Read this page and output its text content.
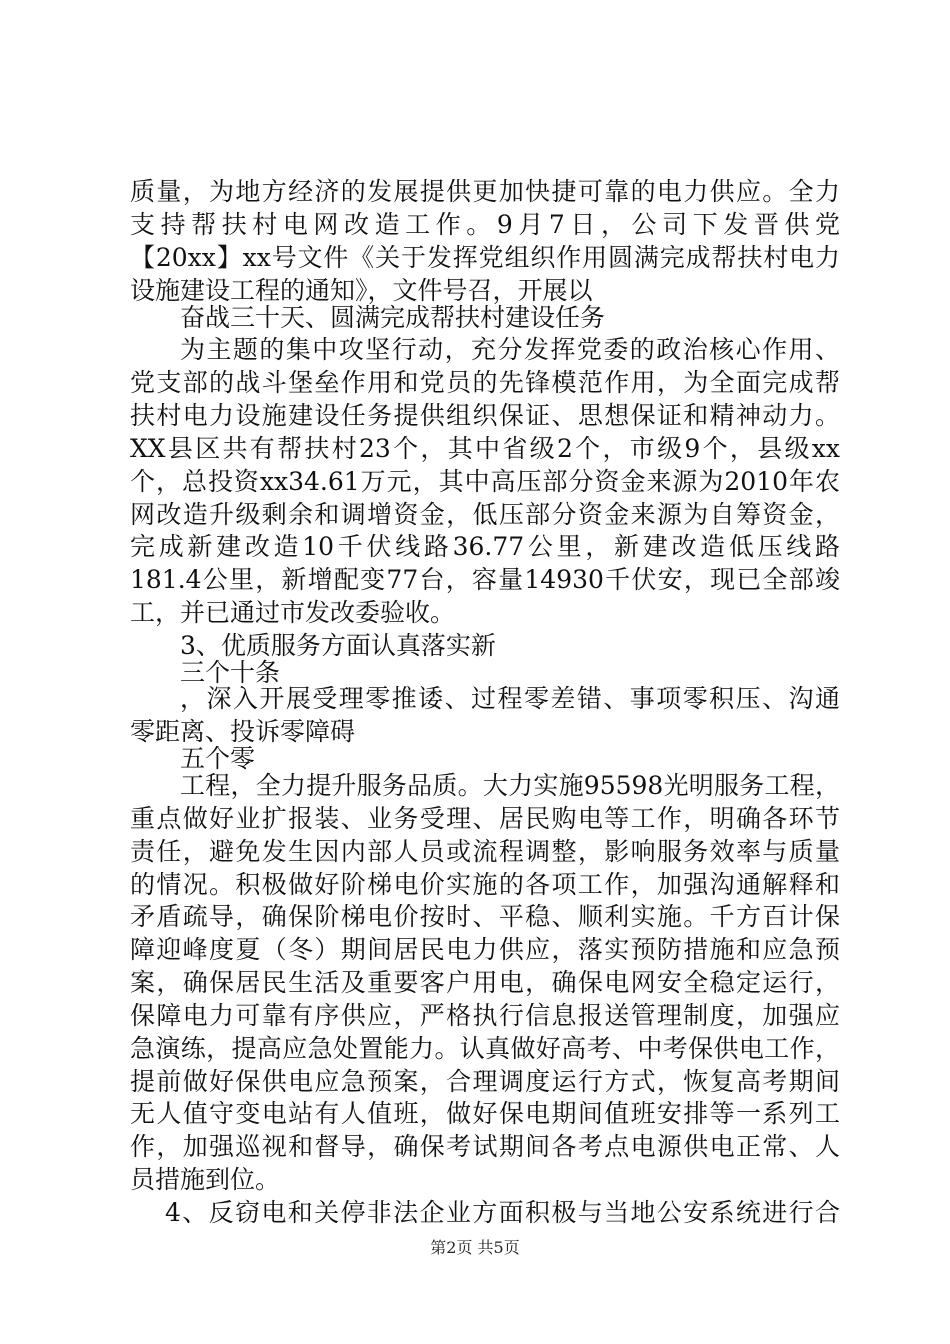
质量，为地方经济的发展提供更加快捷可靠的电力供应。全力
支持帮扶村电网改造工作。9月7日，公司下发晋供党
【20xx】xx号文件《关于发挥党组织作用圆满完成帮扶村电力
设施建设工程的通知》，文件号召，开展以
奋战三十天、圆满完成帮扶村建设任务
为主题的集中攻坚行动，充分发挥党委的政治核心作用、
党支部的战斗堡垒作用和党员的先锋模范作用，为全面完成帮
扶村电力设施建设任务提供组织保证、思想保证和精神动力。
XX县区共有帮扶村23个，其中省级2个，市级9个，县级xx
个，总投资xx34.61万元，其中高压部分资金来源为2010年农
网改造升级剩余和调增资金，低压部分资金来源为自筹资金，
完成新建改造10千伏线路36.77公里，新建改造低压线路
181.4公里，新增配变77台，容量14930千伏安，现已全部竣
工，并已通过市发改委验收。
3、优质服务方面认真落实新
三个十条
，深入开展受理零推诿、过程零差错、事项零积压、沟通
零距离、投诉零障碍
五个零
工程，全力提升服务品质。大力实施95598光明服务工程，
重点做好业扩报装、业务受理、居民购电等工作，明确各环节
责任，避免发生因内部人员或流程调整，影响服务效率与质量
的情况。积极做好阶梯电价实施的各项工作，加强沟通解释和
矛盾疏导，确保阶梯电价按时、平稳、顺利实施。千方百计保
障迎峰度夏（冬）期间居民电力供应，落实预防措施和应急预
案，确保居民生活及重要客户用电，确保电网安全稳定运行，
保障电力可靠有序供应，严格执行信息报送管理制度，加强应
急演练，提高应急处置能力。认真做好高考、中考保供电工作，
提前做好保供电应急预案，合理调度运行方式，恢复高考期间
无人值守变电站有人值班，做好保电期间值班安排等一系列工
作，加强巡视和督导，确保考试期间各考点电源供电正常、人
员措施到位。
4、反窃电和关停非法企业方面积极与当地公安系统进行合
第2页 共5页
